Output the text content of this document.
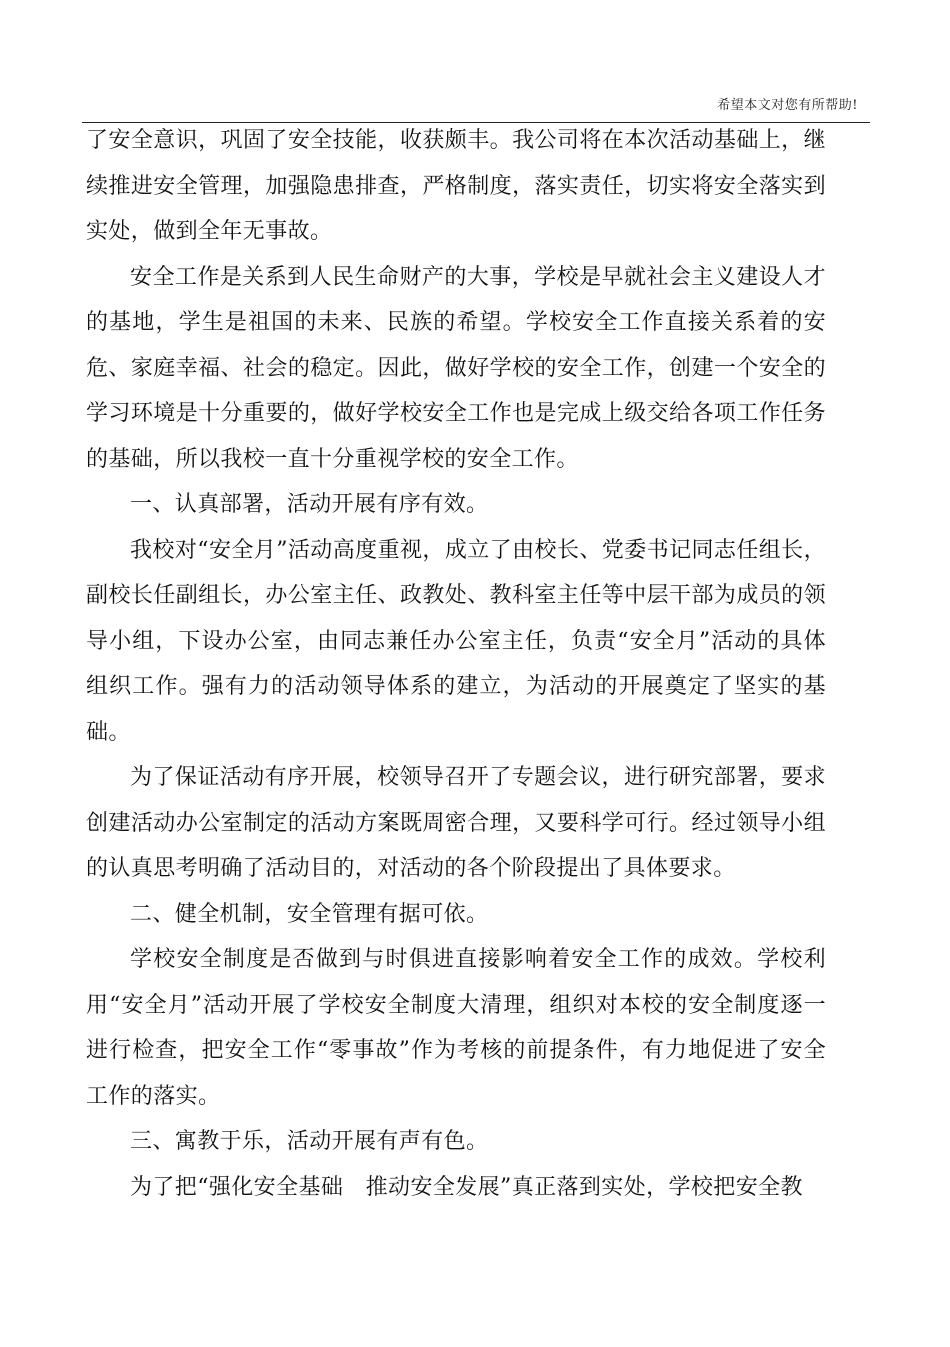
希望本文对您有所帮助!

了安全意识，巩固了安全技能，收获颇丰。我公司将在本次活动基础上，继续推进安全管理，加强隐患排查，严格制度，落实责任，切实将安全落实到实处，做到全年无事故。

安全工作是关系到人民生命财产的大事，学校是早就社会主义建设人才的基地，学生是祖国的未来、民族的希望。学校安全工作直接关系着的安危、家庭幸福、社会的稳定。因此，做好学校的安全工作，创建一个安全的学习环境是十分重要的，做好学校安全工作也是完成上级交给各项工作任务的基础，所以我校一直十分重视学校的安全工作。

一、认真部署，活动开展有序有效。

我校对“安全月”活动高度重视，成立了由校长、党委书记同志任组长，副校长任副组长，办公室主任、政教处、教科室主任等中层干部为成员的领导小组，下设办公室，由同志兼任办公室主任，负责“安全月”活动的具体组织工作。强有力的活动领导体系的建立，为活动的开展奠定了坚实的基础。

为了保证活动有序开展，校领导召开了专题会议，进行研究部署，要求创建活动办公室制定的活动方案既周密合理，又要科学可行。经过领导小组的认真思考明确了活动目的，对活动的各个阶段提出了具体要求。

二、健全机制，安全管理有据可依。

学校安全制度是否做到与时俱进直接影响着安全工作的成效。学校利用“安全月”活动开展了学校安全制度大清理，组织对本校的安全制度逐一进行检查，把安全工作“零事故”作为考核的前提条件，有力地促进了安全工作的落实。

三、寓教于乐，活动开展有声有色。

为了把“强化安全基础　推动安全发展”真正落到实处，学校把安全教
